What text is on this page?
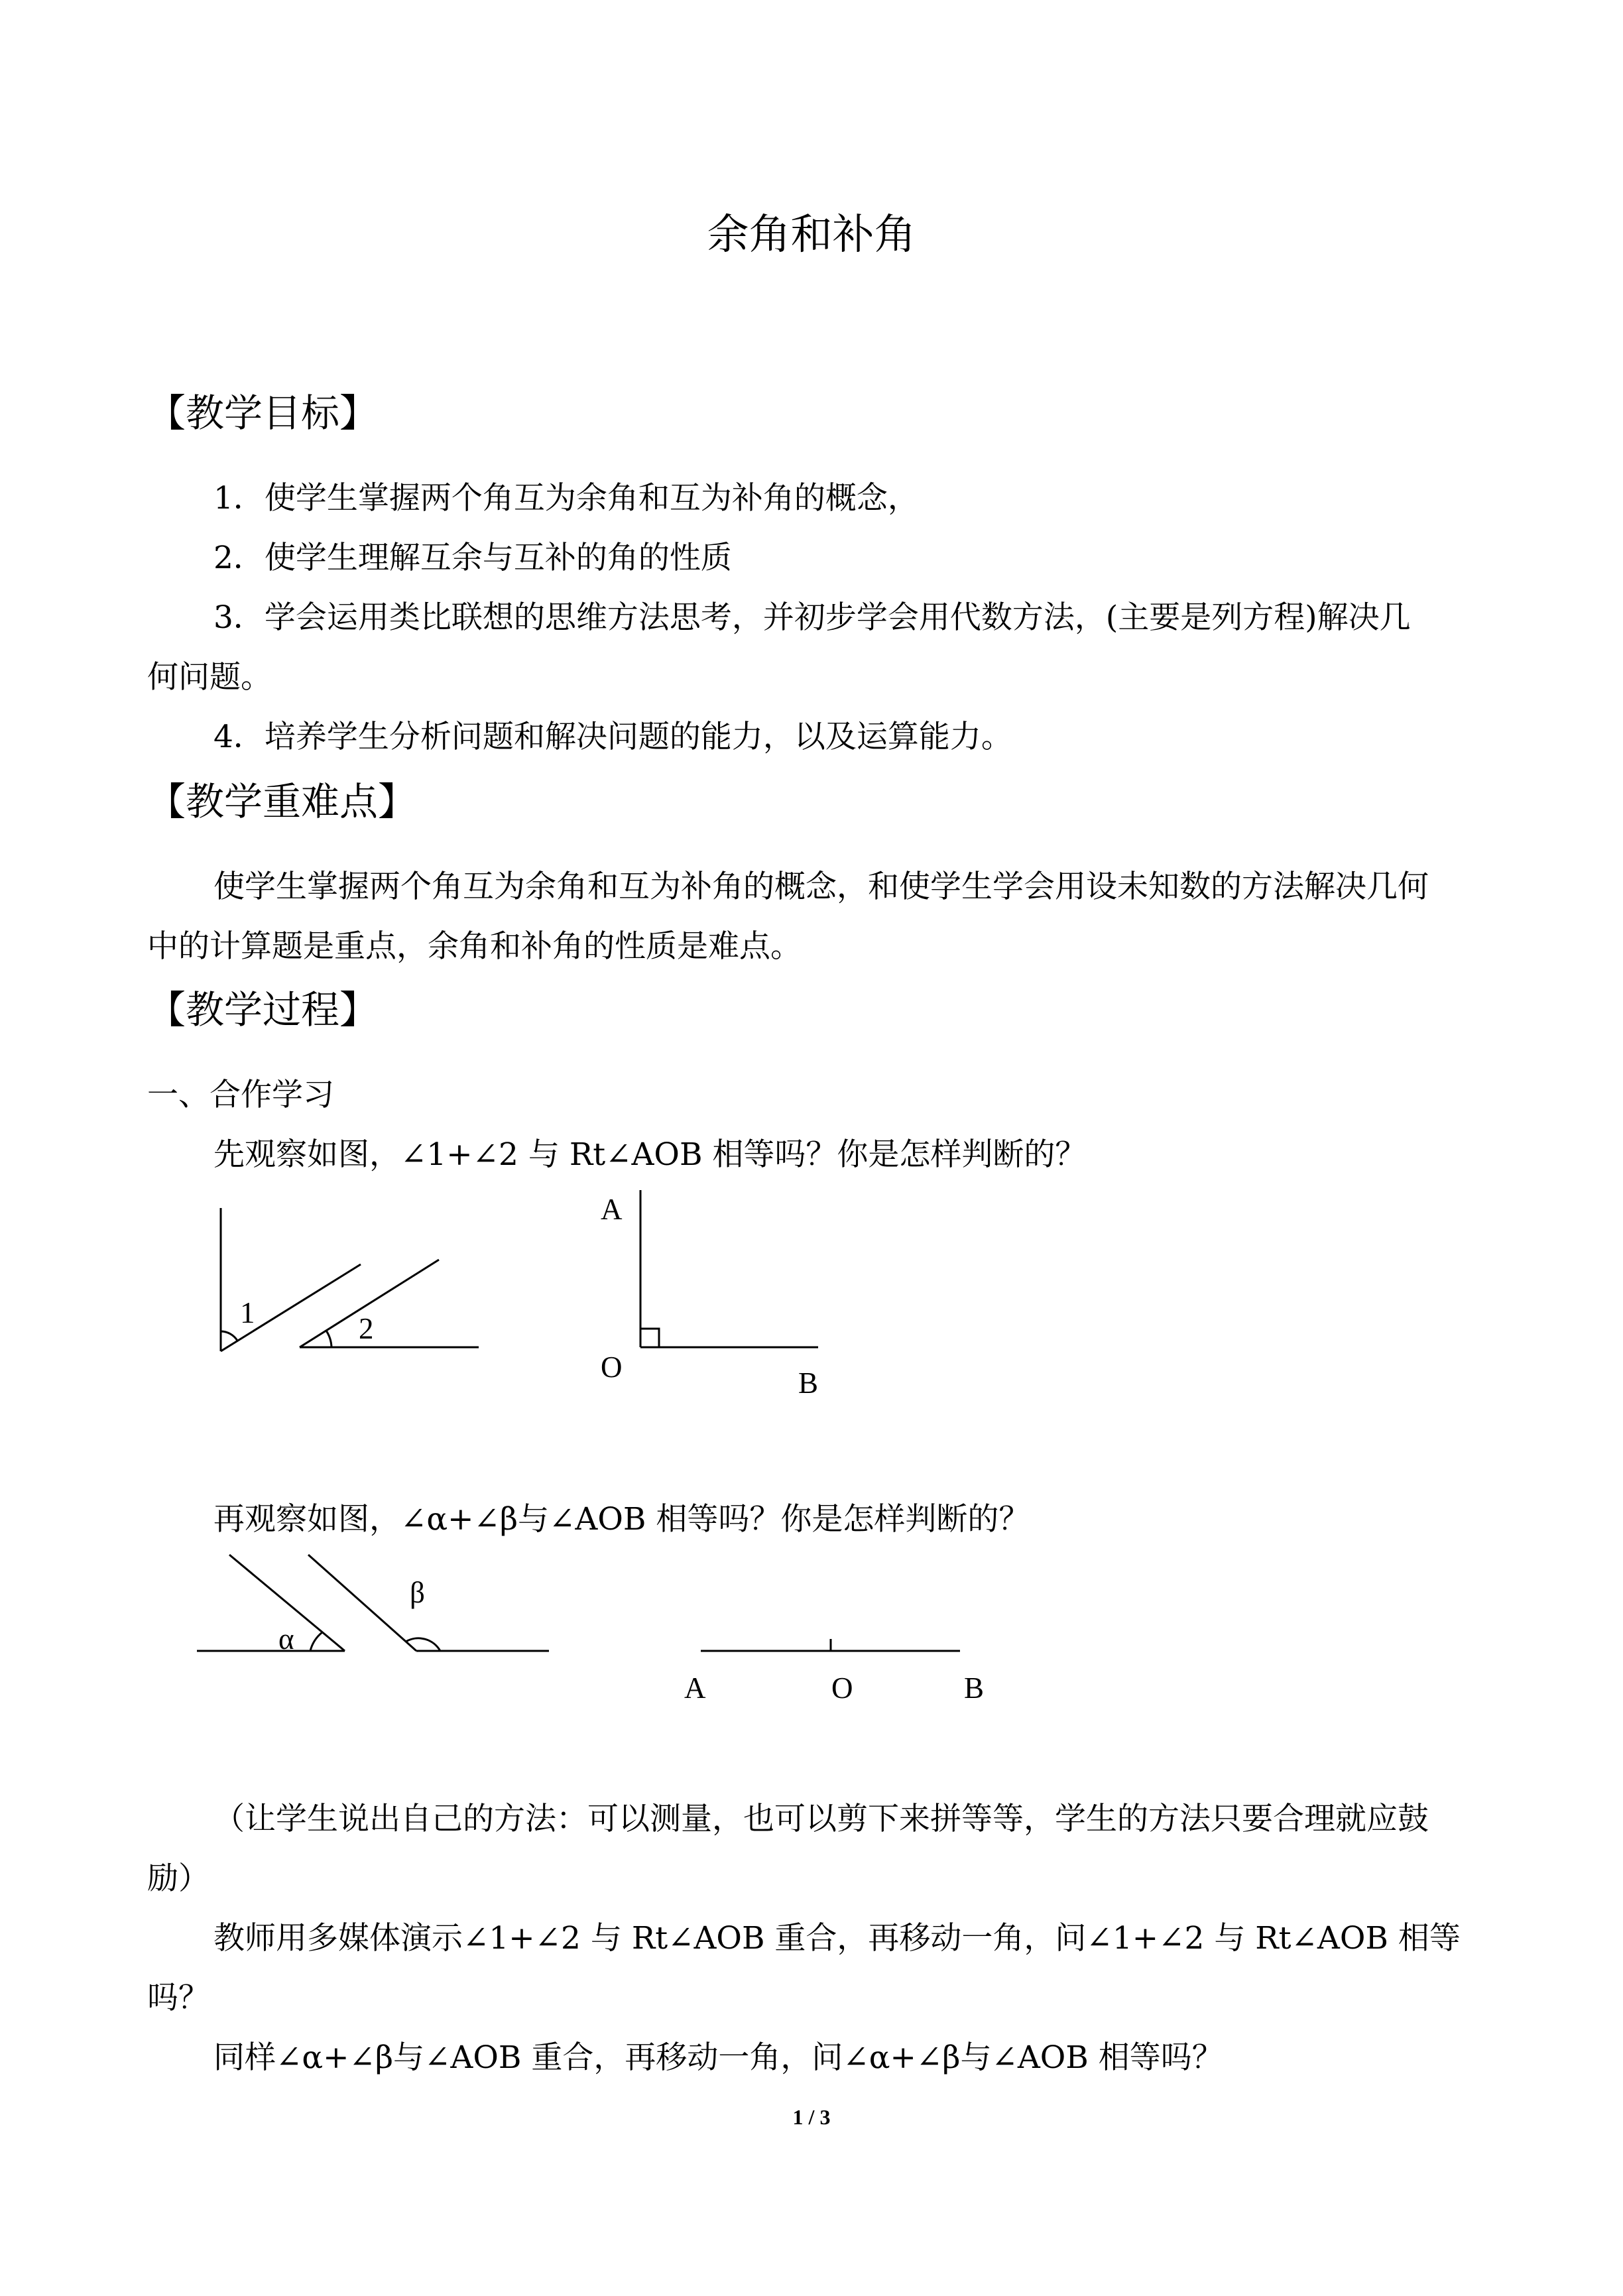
余角和补角

【教学目标】

1．使学生掌握两个角互为余角和互为补角的概念，

2．使学生理解互余与互补的角的性质

3．学会运用类比联想的思维方法思考，并初步学会用代数方法，(主要是列方程)解决几

何问题。

4．培养学生分析问题和解决问题的能力，以及运算能力。

【教学重难点】

使学生掌握两个角互为余角和互为补角的概念，和使学生学会用设未知数的方法解决几何

中的计算题是重点，余角和补角的性质是难点。

【教学过程】

一、合作学习

先观察如图，∠1+∠2 与 Rt∠AOB 相等吗？你是怎样判断的？

1	2

A

O	B

再观察如图，∠α+∠β与∠AOB 相等吗？你是怎样判断的？

α

β

A	O	B

（让学生说出自己的方法：可以测量，也可以剪下来拼等等，学生的方法只要合理就应鼓

励）

教师用多媒体演示∠1+∠2 与 Rt∠AOB 重合，再移动一角，问∠1+∠2 与 Rt∠AOB 相等

吗？

同样∠α+∠β与∠AOB 重合，再移动一角，问∠α+∠β与∠AOB 相等吗？

1 / 3
